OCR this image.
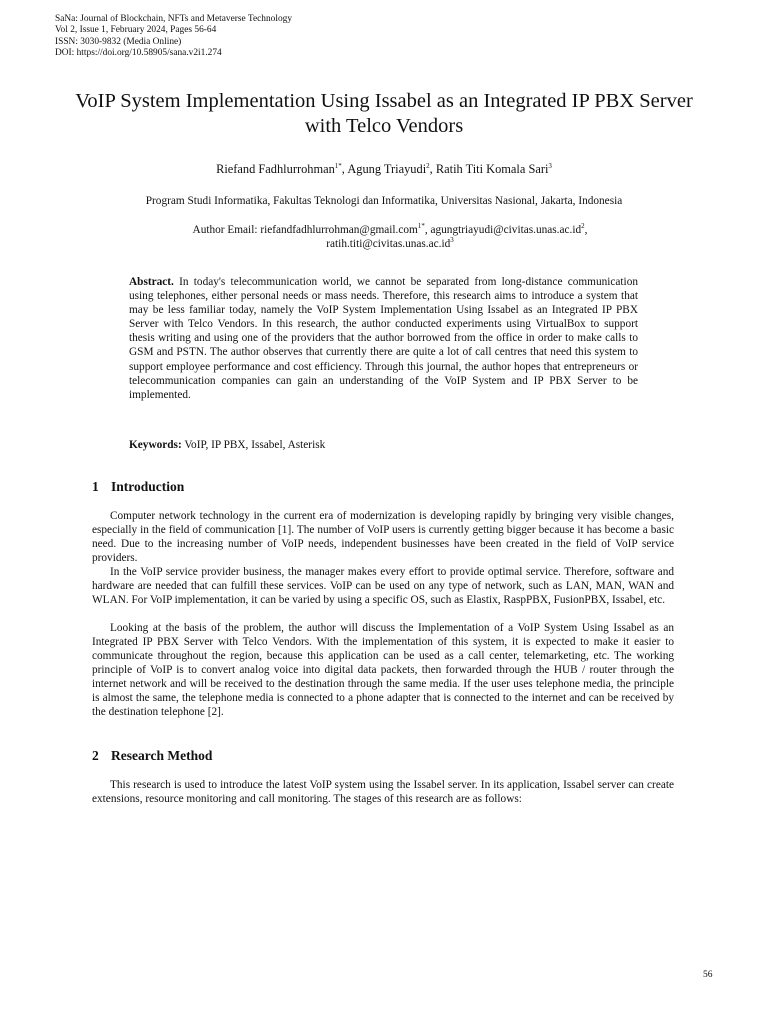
SaNa: Journal of Blockchain, NFTs and Metaverse Technology
Vol 2, Issue 1, February 2024, Pages 56-64
ISSN: 3030-9832 (Media Online)
DOI: https://doi.org/10.58905/sana.v2i1.274
VoIP System Implementation Using Issabel as an Integrated IP PBX Server with Telco Vendors
Riefand Fadhlurrohman$^{1*}$, Agung Triayudi$^2$, Ratih Titi Komala Sari$^3$
Program Studi Informatika, Fakultas Teknologi dan Informatika, Universitas Nasional, Jakarta, Indonesia
Author Email: riefandfadhlurrohman@gmail.com$^{1*}$, $agungtriayudi@civitas.unas.ac.id^2$,
$ratih.titi@civitas.unas.ac.id^3$

Abstract. In today's telecommunication world, we cannot be separated from long-distance communication using telephones, either personal needs or mass needs. Therefore, this research aims to introduce a system that may be less familiar today, namely the VoIP System Implementation Using Issabel as an Integrated IP PBX Server with Telco Vendors. In this research, the author conducted experiments using VirtualBox to support thesis writing and using one of the providers that the author borrowed from the office in order to make calls to GSM and PSTN. The author observes that currently there are quite a lot of call centres that need this system to support employee performance and cost efficiency. Through this journal, the author hopes that entrepreneurs or telecommunication companies can gain an understanding of the VoIP System and IP PBX Server to be implemented.

Keywords: VoIP, IP PBX, Issabel, Asterisk
1 Introduction

Computer network technology in the current era of modernization is developing rapidly by bringing very visible changes, especially in the field of communication [1]. The number of VoIP users is currently getting bigger because it has become a basic need. Due to the increasing number of VoIP needs, independent businesses have been created in the field of VoIP service providers.

In the VoIP service provider business, the manager makes every effort to provide optimal service. Therefore, software and hardware are needed that can fulfill these services. VoIP can be used on any type of network, such as LAN, MAN, WAN and WLAN. For VoIP implementation, it can be varied by using a specific OS, such as Elastix, RaspPBX, FusionPBX, Issabel, etc.

Looking at the basis of the problem, the author will discuss the Implementation of a VoIP System Using Issabel as an Integrated IP PBX Server with Telco Vendors. With the implementation of this system, it is expected to make it easier to communicate throughout the region, because this application can be used as a call center, telemarketing, etc. The working principle of VoIP is to convert analog voice into digital data packets, then forwarded through the HUB / router through the internet network and will be received to the destination through the same media. If the user uses telephone media, the principle is almost the same, the telephone media is connected to a phone adapter that is connected to the internet and can be received by the destination telephone [2].

2 Research Method

This research is used to introduce the latest VoIP system using the Issabel server. In its application, Issabel server can create extensions, resource monitoring and call monitoring. The stages of this research are as follows:

56
